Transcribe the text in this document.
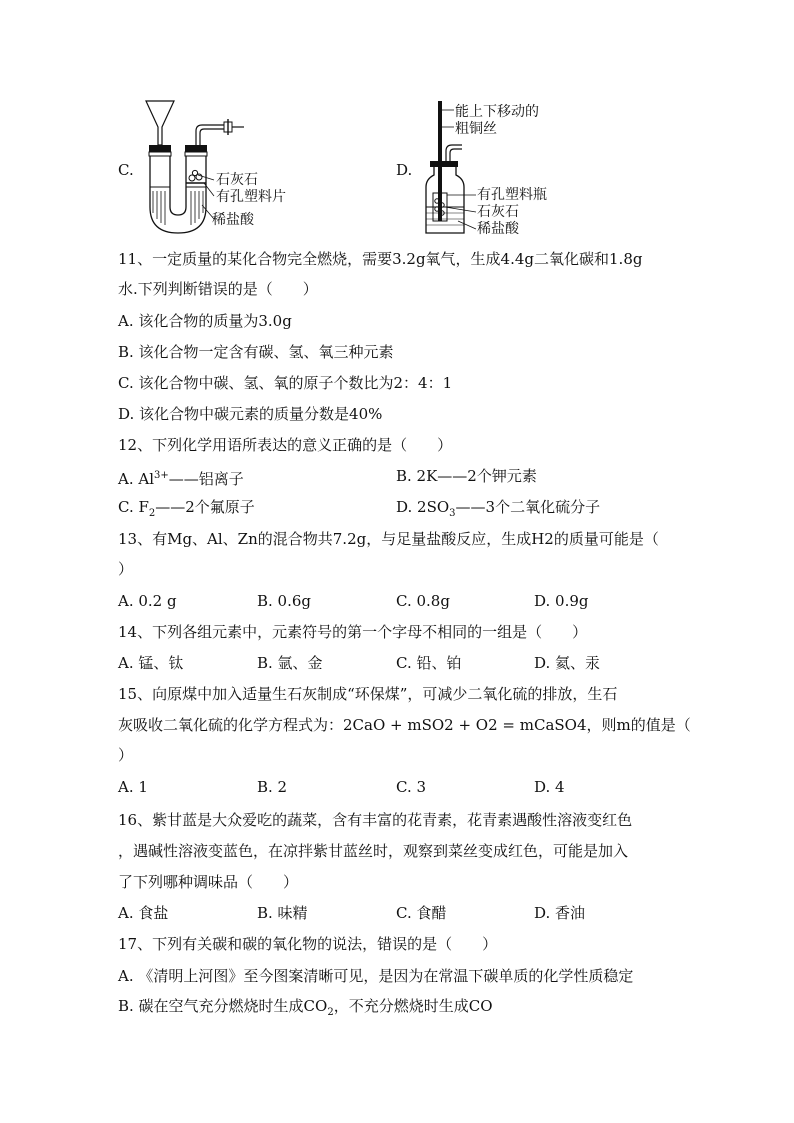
C.
石灰石
有孔塑料片
稀盐酸
D.
能上下移动的
粗铜丝
有孔塑料瓶
石灰石
稀盐酸
11、一定质量的某化合物完全燃烧，需要3.2g氧气，生成4.4g二氧化碳和1.8g
水.下列判断错误的是（　　）
A. 该化合物的质量为3.0g
B. 该化合物一定含有碳、氢、氧三种元素
C. 该化合物中碳、氢、氧的原子个数比为2：4：1
D. 该化合物中碳元素的质量分数是40%
12、下列化学用语所表达的意义正确的是（　　）
A. $Al^{3+}——$铝离子	B. 2K——2个钾元素
C. $F_2——2$个氟原子	D. $2SO_3——3$个二氧化硫分子
13、有Mg、Al、Zn的混合物共7.2g，与足量盐酸反应，生成H2的质量可能是（
）
A. 0.2 g	B. 0.6g	C. 0.8g	D. 0.9g
14、下列各组元素中，元素符号的第一个字母不相同的一组是（　　）
A. 锰、钛	B. 氩、金	C. 铅、铂	D. 氦、汞
15、向原煤中加入适量生石灰制成“环保煤”，可减少二氧化硫的排放，生石
灰吸收二氧化硫的化学方程式为：2CaO + mSO2 + O2 = mCaSO4，则m的值是（
）
A. 1	B. 2	C. 3	D. 4
16、紫甘蓝是大众爱吃的蔬菜，含有丰富的花青素，花青素遇酸性溶液变红色
，遇碱性溶液变蓝色，在凉拌紫甘蓝丝时，观察到菜丝变成红色，可能是加入
了下列哪种调味品（　　）
A. 食盐	B. 味精	C. 食醋	D. 香油
17、下列有关碳和碳的氧化物的说法，错误的是（　　）
A. 《清明上河图》至今图案清晰可见，是因为在常温下碳单质的化学性质稳定
B. 碳在空气充分燃烧时生成$CO_2$，不充分燃烧时生成CO
